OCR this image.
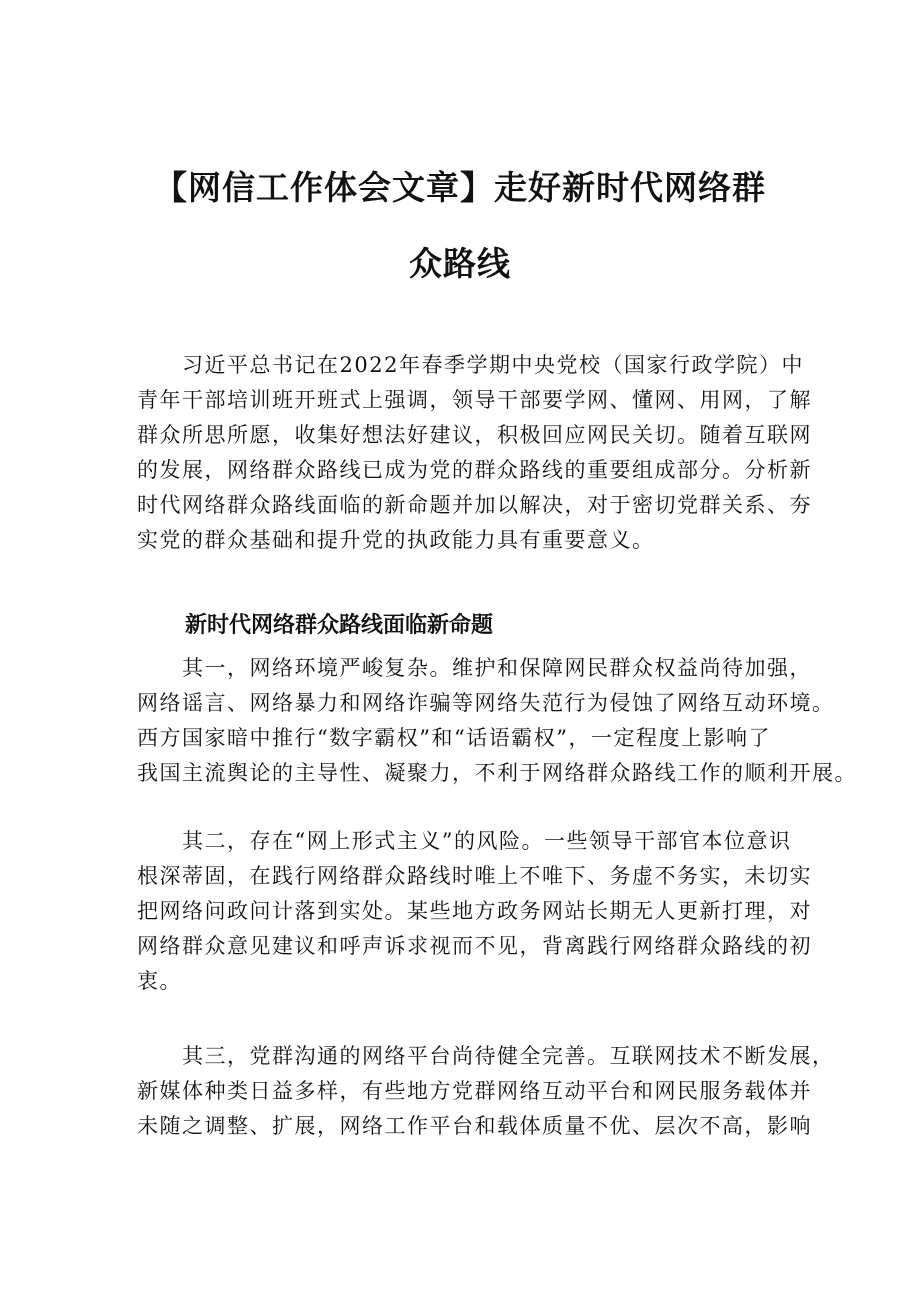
【网信工作体会文章】走好新时代网络群
众路线
　　习近平总书记在2022年春季学期中央党校（国家行政学院）中
青年干部培训班开班式上强调，领导干部要学网、懂网、用网，了解
群众所思所愿，收集好想法好建议，积极回应网民关切。随着互联网
的发展，网络群众路线已成为党的群众路线的重要组成部分。分析新
时代网络群众路线面临的新命题并加以解决，对于密切党群关系、夯
实党的群众基础和提升党的执政能力具有重要意义。
新时代网络群众路线面临新命题
　　其一，网络环境严峻复杂。维护和保障网民群众权益尚待加强，
网络谣言、网络暴力和网络诈骗等网络失范行为侵蚀了网络互动环境。
西方国家暗中推行“数字霸权”和“话语霸权”，一定程度上影响了
我国主流舆论的主导性、凝聚力，不利于网络群众路线工作的顺利开展。
　　其二，存在“网上形式主义”的风险。一些领导干部官本位意识
根深蒂固，在践行网络群众路线时唯上不唯下、务虚不务实，未切实
把网络问政问计落到实处。某些地方政务网站长期无人更新打理，对
网络群众意见建议和呼声诉求视而不见，背离践行网络群众路线的初
衷。
　　其三，党群沟通的网络平台尚待健全完善。互联网技术不断发展，
新媒体种类日益多样，有些地方党群网络互动平台和网民服务载体并
未随之调整、扩展，网络工作平台和载体质量不优、层次不高，影响
